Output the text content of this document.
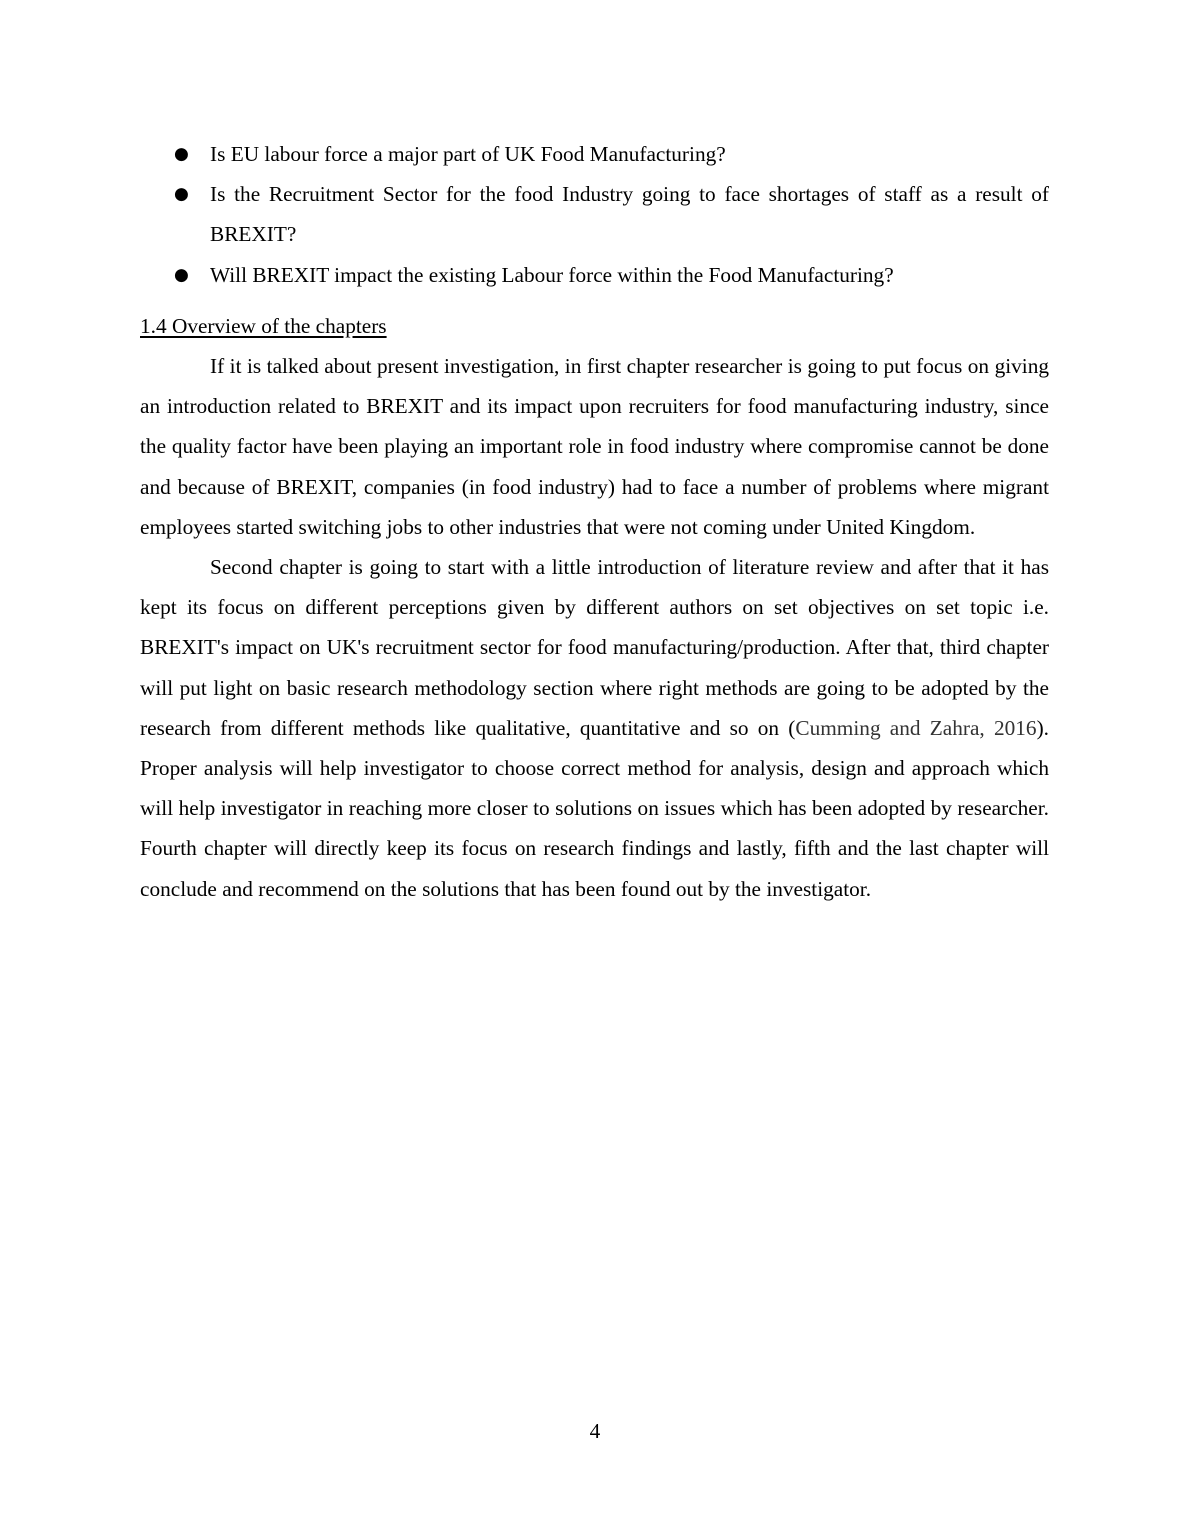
● Is EU labour force a major part of UK Food Manufacturing?
● Is the Recruitment Sector for the food Industry going to face shortages of staff as a result of BREXIT?
● Will BREXIT impact the existing Labour force within the Food Manufacturing?
1.4 Overview of the chapters

If it is talked about present investigation, in first chapter researcher is going to put focus on giving an introduction related to BREXIT and its impact upon recruiters for food manufacturing industry, since the quality factor have been playing an important role in food industry where compromise cannot be done and because of BREXIT, companies (in food industry) had to face a number of problems where migrant employees started switching jobs to other industries that were not coming under United Kingdom.

Second chapter is going to start with a little introduction of literature review and after that it has kept its focus on different perceptions given by different authors on set objectives on set topic i.e. BREXIT's impact on UK's recruitment sector for food manufacturing/production. After that, third chapter will put light on basic research methodology section where right methods are going to be adopted by the research from different methods like qualitative, quantitative and so on (Cumming and Zahra, 2016). Proper analysis will help investigator to choose correct method for analysis, design and approach which will help investigator in reaching more closer to solutions on issues which has been adopted by researcher. Fourth chapter will directly keep its focus on research findings and lastly, fifth and the last chapter will conclude and recommend on the solutions that has been found out by the investigator.

4
